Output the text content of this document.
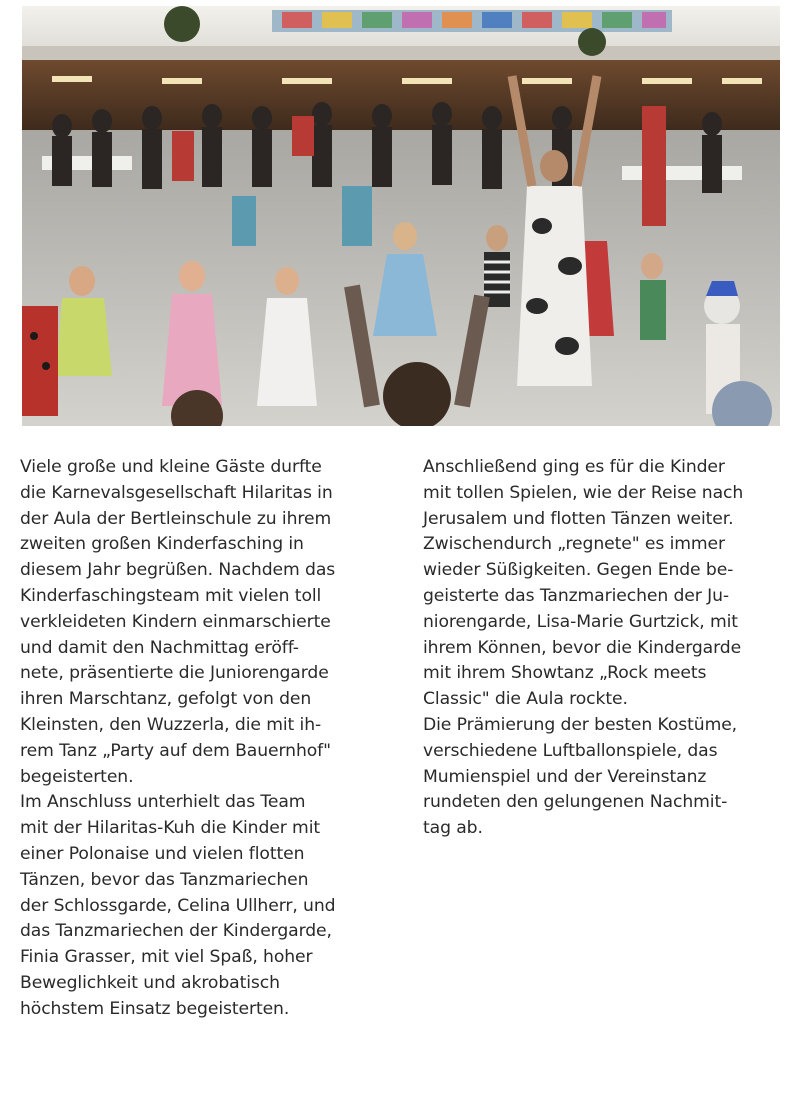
Viele große und kleine Gäste durfte
die Karnevalsgesellschaft Hilaritas in
der Aula der Bertleinschule zu ihrem
zweiten großen Kinderfasching in
diesem Jahr begrüßen. Nachdem das
Kinderfaschingsteam mit vielen toll
verkleideten Kindern einmarschierte
und damit den Nachmittag eröff-
nete, präsentierte die Juniorengarde
ihren Marschtanz, gefolgt von den
Kleinsten, den Wuzzerla, die mit ih-
rem Tanz „Party auf dem Bauernhof"
begeisterten.
Im Anschluss unterhielt das Team
mit der Hilaritas-Kuh die Kinder mit
einer Polonaise und vielen flotten
Tänzen, bevor das Tanzmariechen
der Schlossgarde, Celina Ullherr, und
das Tanzmariechen der Kindergarde,
Finia Grasser, mit viel Spaß, hoher
Beweglichkeit und akrobatisch
höchstem Einsatz begeisterten.
Anschließend ging es für die Kinder
mit tollen Spielen, wie der Reise nach
Jerusalem und flotten Tänzen weiter.
Zwischendurch „regnete" es immer
wieder Süßigkeiten. Gegen Ende be-
geisterte das Tanzmariechen der Ju-
niorengarde, Lisa-Marie Gurtzick, mit
ihrem Können, bevor die Kindergarde
mit ihrem Showtanz „Rock meets
Classic" die Aula rockte.
Die Prämierung der besten Kostüme,
verschiedene Luftballonspiele, das
Mumienspiel und der Vereinstanz
rundeten den gelungenen Nachmit-
tag ab.
